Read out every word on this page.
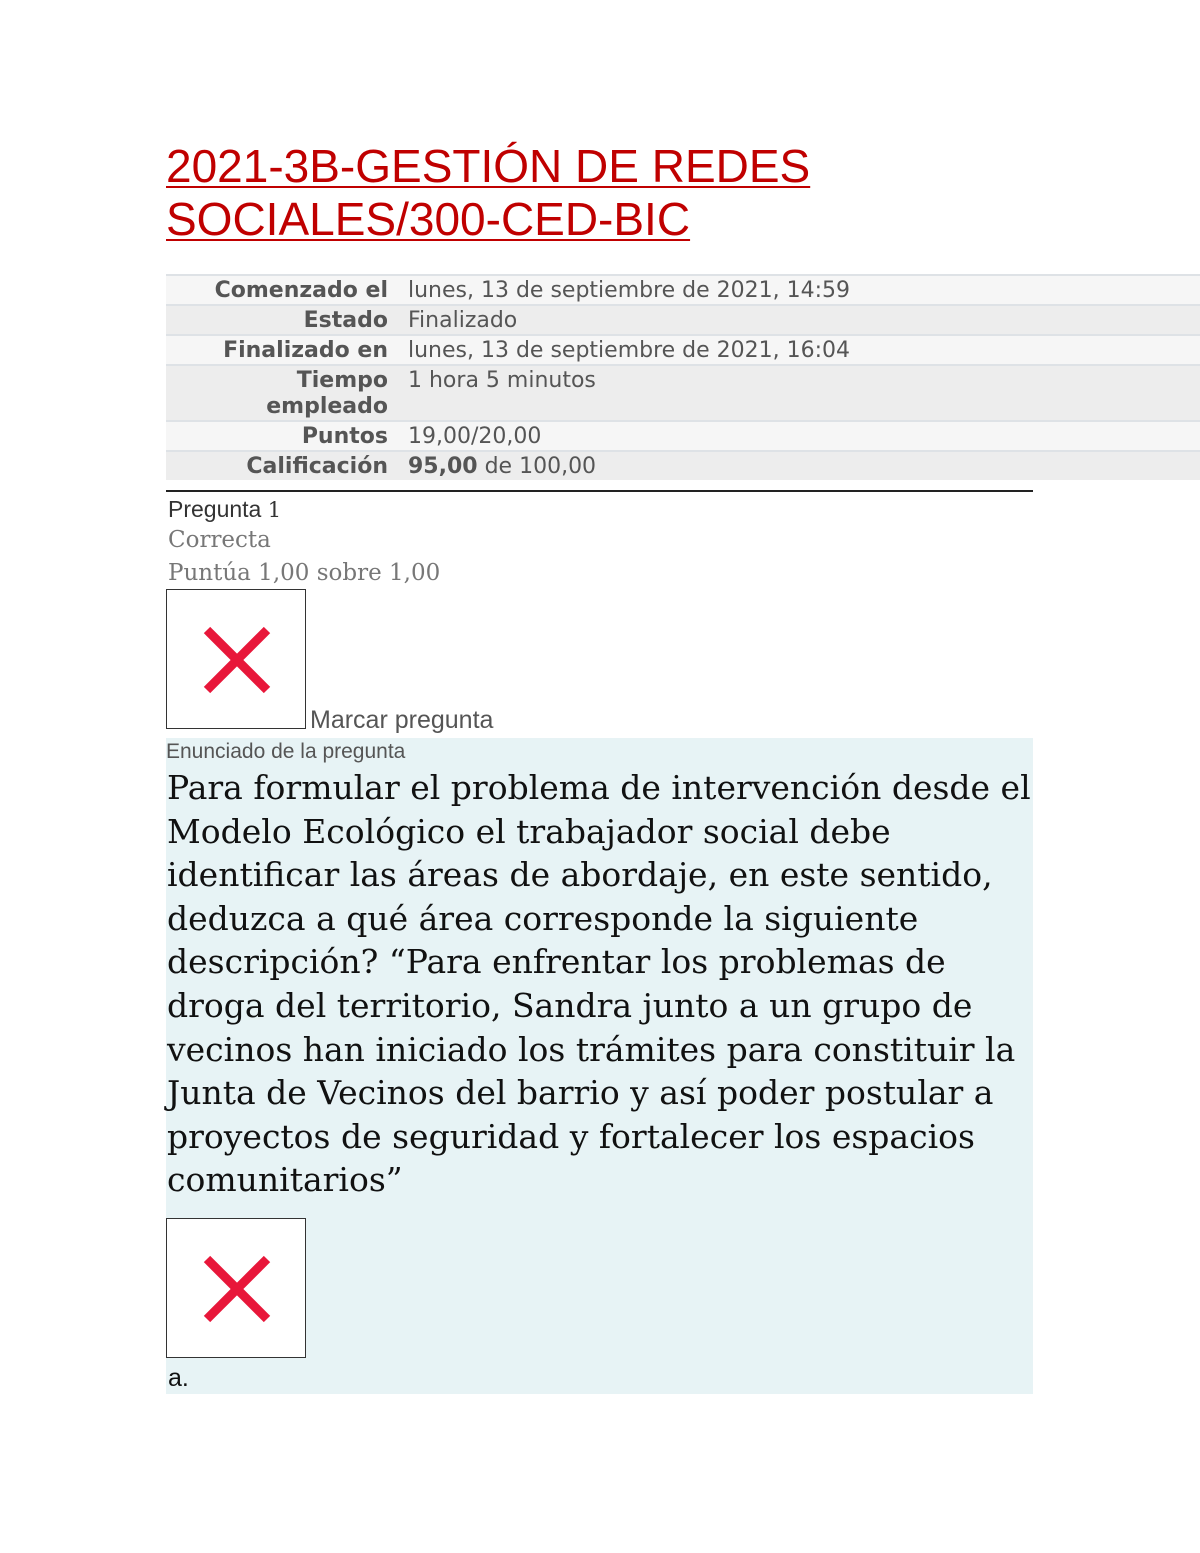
2021-3B-GESTIÓN DE REDES SOCIALES/300-CED-BIC
Comenzado el	lunes, 13 de septiembre de 2021, 14:59
Estado	Finalizado
Finalizado en	lunes, 13 de septiembre de 2021, 16:04
Tiempo empleado	1 hora 5 minutos
Puntos	19,00/20,00
Calificación	95,00 de 100,00
Pregunta 1
Correcta
Puntúa 1,00 sobre 1,00
Marcar pregunta
Enunciado de la pregunta

Para formular el problema de intervención desde el Modelo Ecológico el trabajador social debe identificar las áreas de abordaje, en este sentido, deduzca a qué área corresponde la siguiente descripción? “Para enfrentar los problemas de droga del territorio, Sandra junto a un grupo de vecinos han iniciado los trámites para constituir la Junta de Vecinos del barrio y así poder postular a proyectos de seguridad y fortalecer los espacios comunitarios”

a.
